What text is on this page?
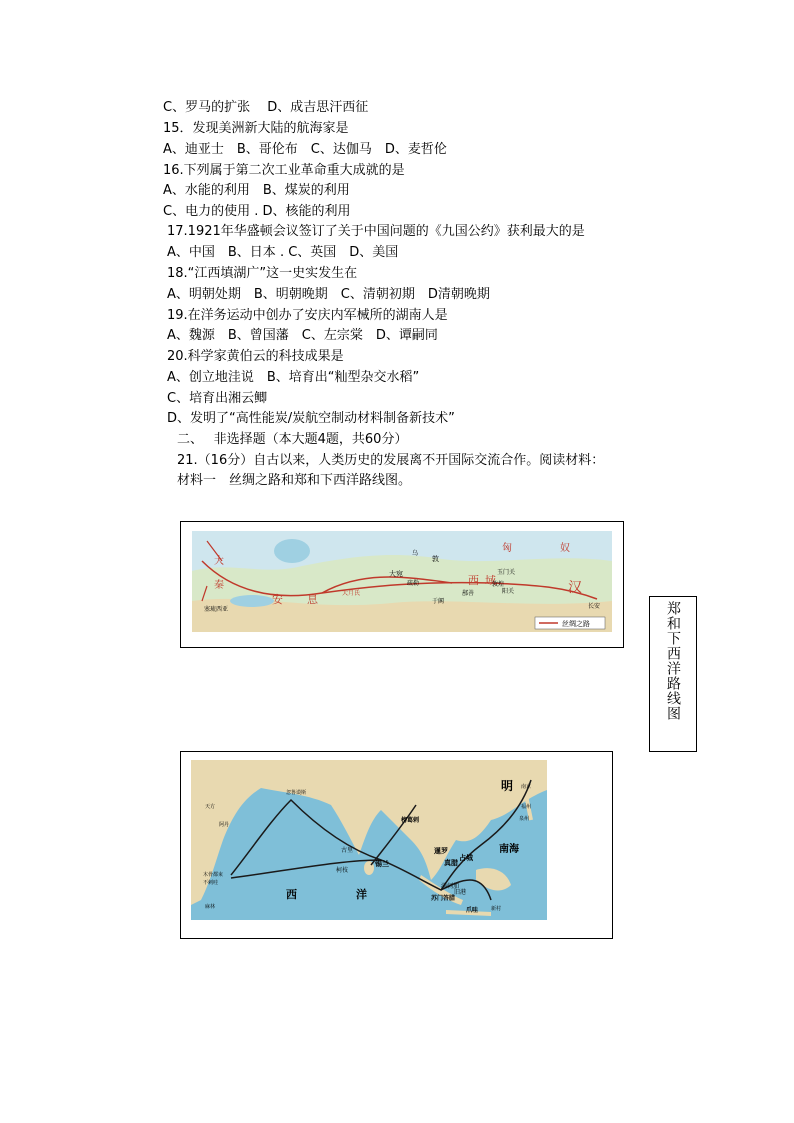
C、罗马的扩张　 D、成吉思汗西征
15．发现美洲新大陆的航海家是
A、迪亚士　B、哥伦布　C、达伽马　D、麦哲伦
16.下列属于第二次工业革命重大成就的是
A、水能的利用　B、煤炭的利用
C、电力的使用 . D、核能的利用
17.1921年华盛顿会议签订了关于中国问题的《九国公约》获利最大的是
A、中国　B、日本 . C、英国　D、美国
18.“江西填湖广”这一史实发生在
A、明朝处期　B、明朝晚期　C、清朝初期　D清朝晚期
19.在洋务运动中创办了安庆内军械所的湖南人是
A、魏源　B、曾国藩　C、左宗棠　D、谭嗣同
20.科学家黄伯云的科技成果是
A、创立地洼说　B、培育出“籼型杂交水稻”
C、培育出湘云鲫
D、发明了“高性能炭/炭航空制动材料制备新技术”
二、　 非选择题（本大题4题，共60分）
21.（16分）自古以来，人类历史的发展离不开国际交流合作。阅读材料：
材料一　丝绸之路和郑和下西洋路线图。
丝绸之路
大
秦
安 息	大月氏
大宛	西 域
疏勒
于阗
鄯善
玉门关
阳关
敦煌	汉
长安
匈	奴
乌
敦
塞琉西亚	郑和下西洋路线图
明
南海
西	洋
古里
锡兰
柯枝
榜葛剌
暹罗
占城
真腊
满剌加
苏门答腊
爪哇
旧港
忽鲁谟斯
阿丹
天方
木骨都束
不剌哇
麻林
南京
福州
泉州
新村
